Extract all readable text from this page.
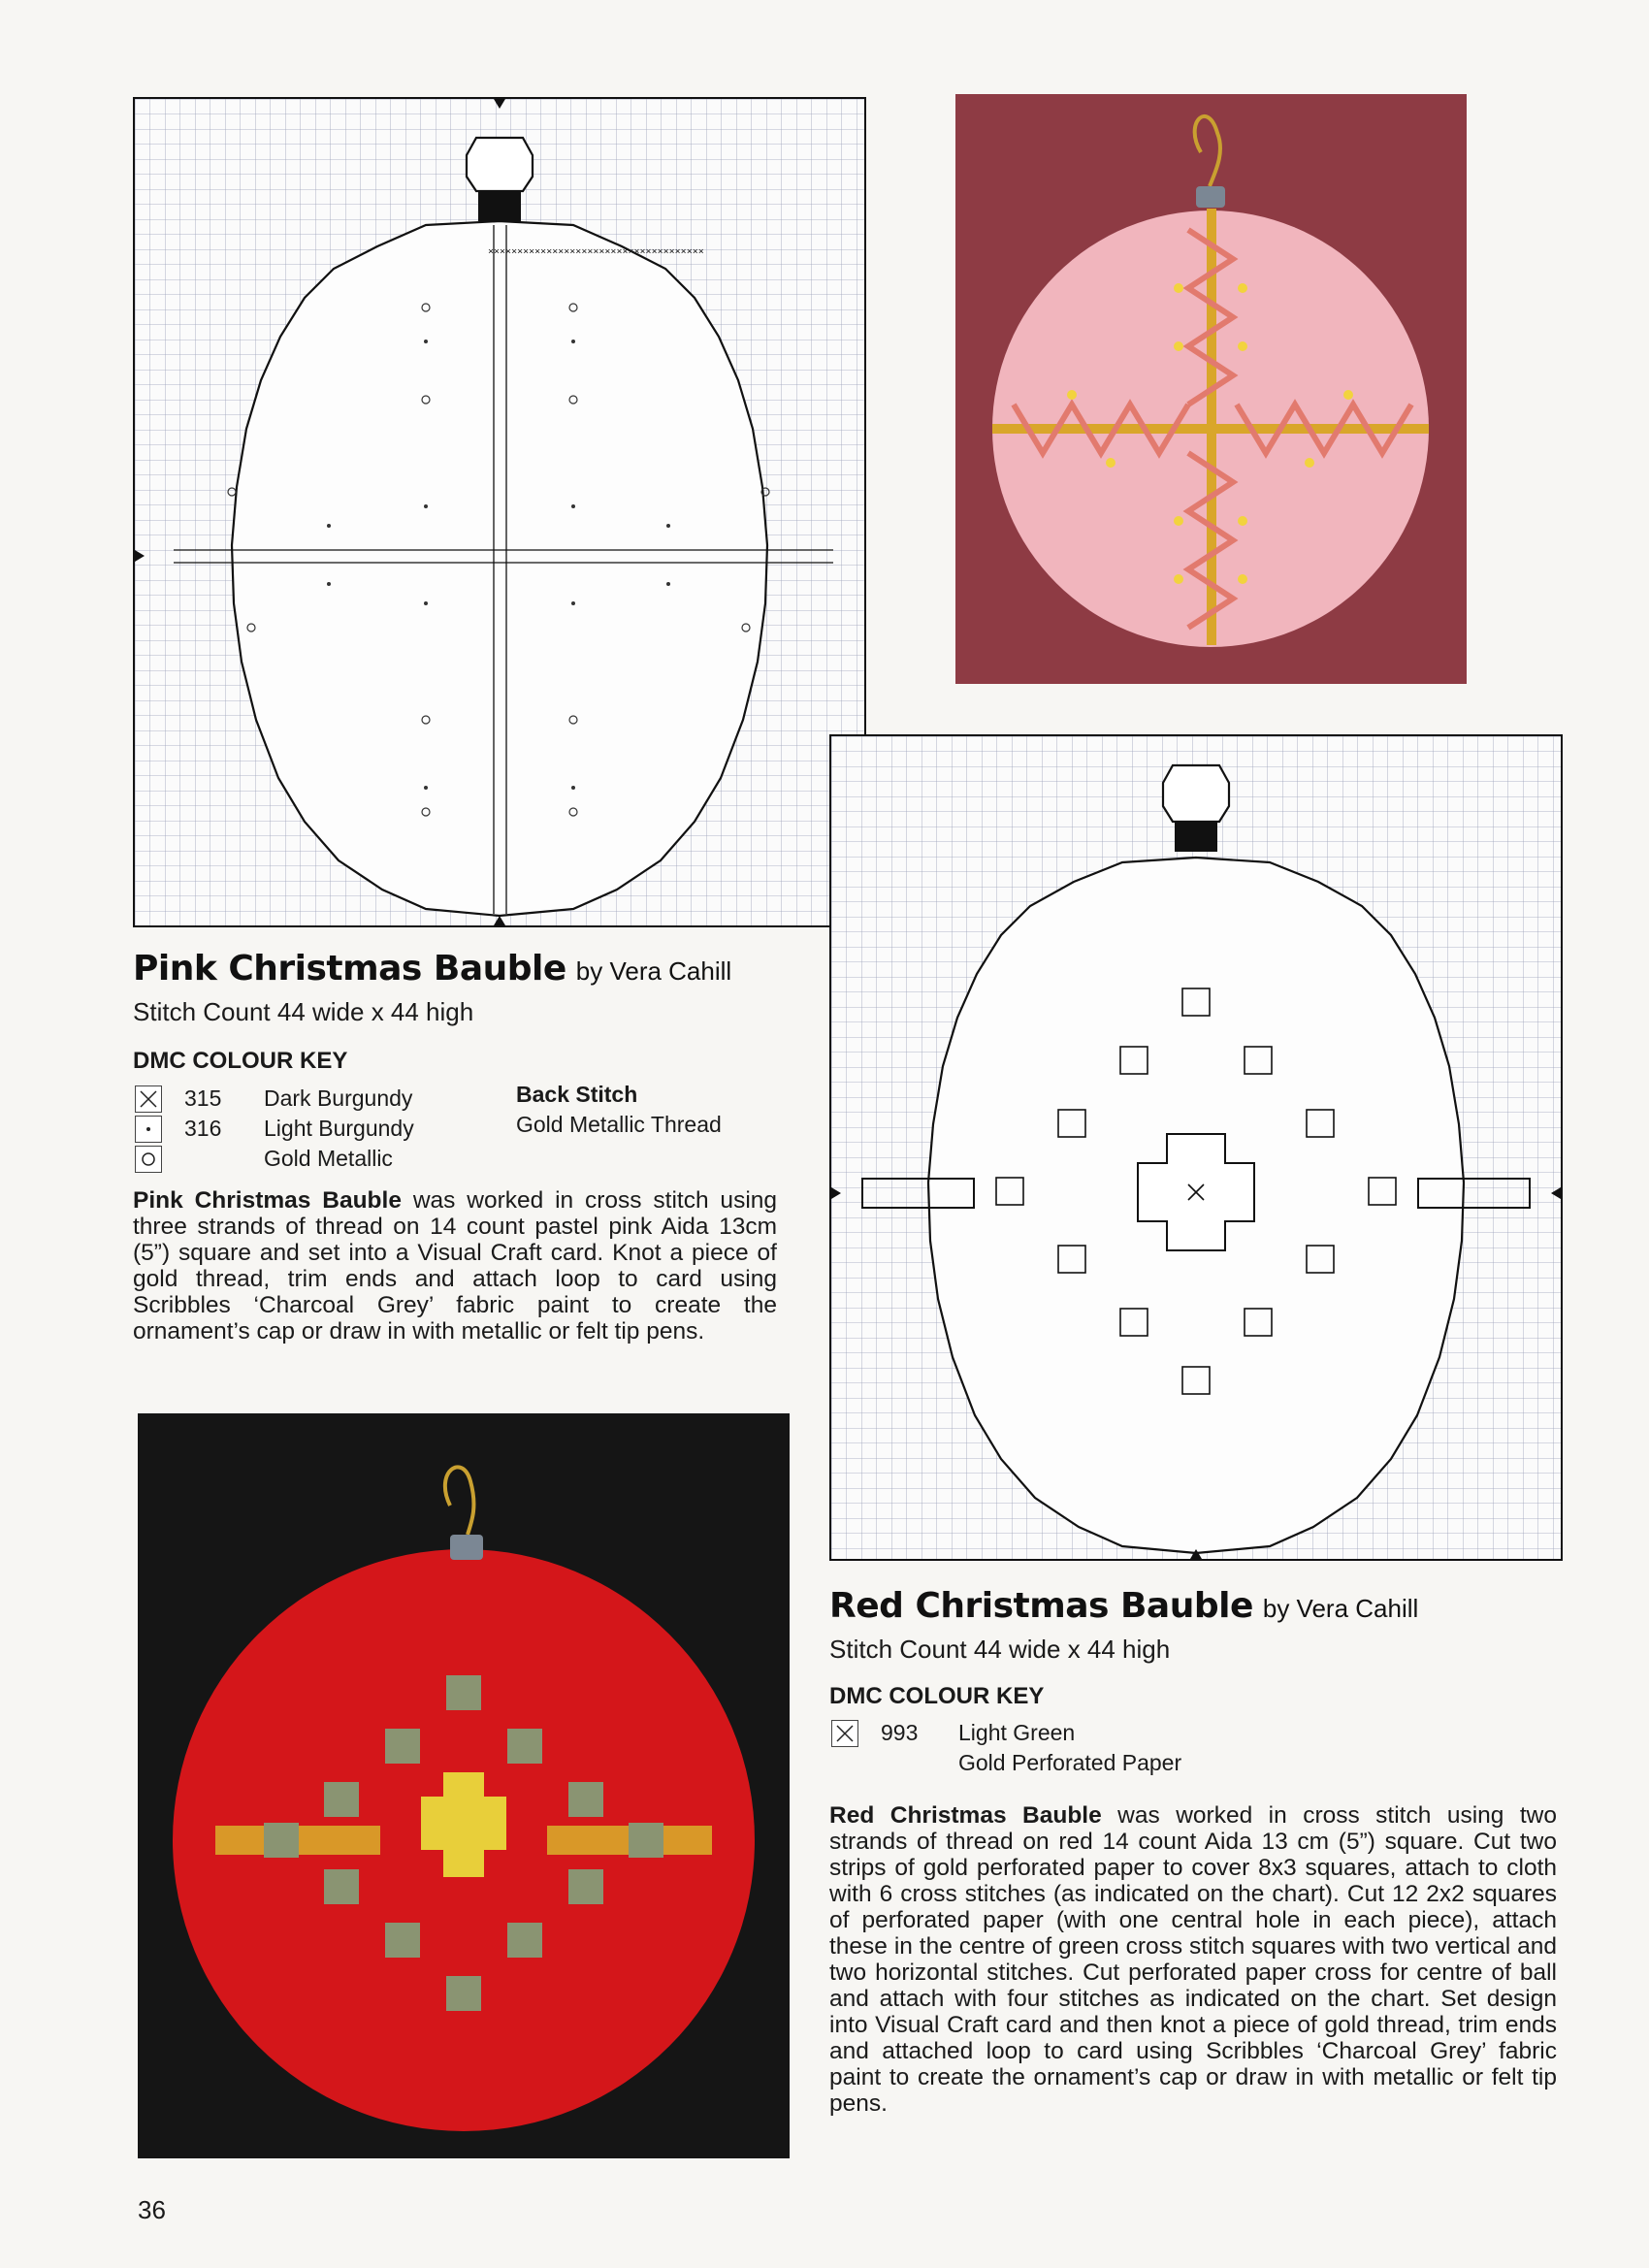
×××××××××××××××××××××××××××××××××××××
Pink Christmas Bauble by Vera Cahill
Stitch Count 44 wide x 44 high
DMC COLOUR KEY
315 Dark Burgundy
316 Light Burgundy
Gold Metallic
Back Stitch
Gold Metallic Thread
Pink Christmas Bauble was worked in cross stitch using three strands of thread on 14 count pastel pink Aida 13cm (5”) square and set into a Visual Craft card. Knot a piece of gold thread, trim ends and attach loop to card using Scribbles ‘Charcoal Grey’ fabric paint to create the ornament’s cap or draw in with metallic or felt tip pens.
Red Christmas Bauble by Vera Cahill
Stitch Count 44 wide x 44 high
DMC COLOUR KEY
993 Light Green
Gold Perforated Paper
Red Christmas Bauble was worked in cross stitch using two strands of thread on red 14 count Aida 13 cm (5”) square. Cut two strips of gold perforated paper to cover 8x3 squares, attach to cloth with 6 cross stitches (as indicated on the chart). Cut 12 2x2 squares of perforated paper (with one central hole in each piece), attach these in the centre of green cross stitch squares with two vertical and two horizontal stitches. Cut perforated paper cross for centre of ball and attach with four stitches as indicated on the chart. Set design into Visual Craft card and then knot a piece of gold thread, trim ends and attached loop to card using Scribbles ‘Charcoal Grey’ fabric paint to create the ornament’s cap or draw in with metallic or felt tip pens.
36
